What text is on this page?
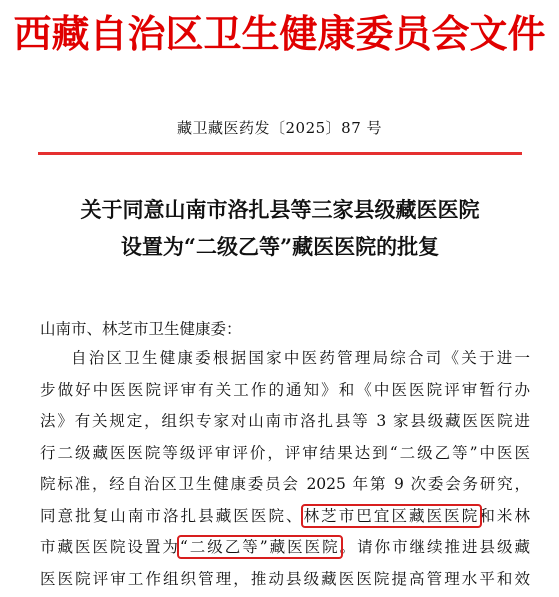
西藏自治区卫生健康委员会文件
藏卫藏医药发〔2025〕87 号
关于同意山南市洛扎县等三家县级藏医医院
设置为“二级乙等”藏医医院的批复
山南市、林芝市卫生健康委：
自治区卫生健康委根据国家中医药管理局综合司《关于进一
步做好中医医院评审有关工作的通知》和《中医医院评审暂行办
法》有关规定，组织专家对山南市洛扎县等 3 家县级藏医医院进
行二级藏医医院等级评审评价，评审结果达到“二级乙等”中医医
院标准，经自治区卫生健康委员会 2025 年第 9 次委会务研究，
同意批复山南市洛扎县藏医医院、林芝市巴宜区藏医医院和米林
市藏医医院设置为“二级乙等”藏医医院。请你市继续推进县级藏
医医院评审工作组织管理，推动县级藏医医院提高管理水平和效
